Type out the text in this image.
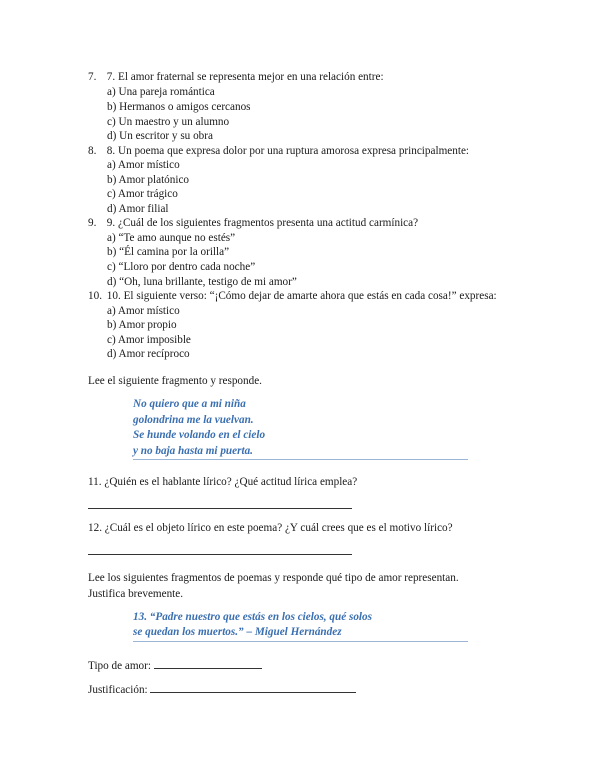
7. 7. El amor fraternal se representa mejor en una relación entre:
a) Una pareja romántica
b) Hermanos o amigos cercanos
c) Un maestro y un alumno
d) Un escritor y su obra
8. 8. Un poema que expresa dolor por una ruptura amorosa expresa principalmente:
a) Amor místico
b) Amor platónico
c) Amor trágico
d) Amor filial
9. 9. ¿Cuál de los siguientes fragmentos presenta una actitud carmínica?
a) “Te amo aunque no estés”
b) “Él camina por la orilla”
c) “Lloro por dentro cada noche”
d) “Oh, luna brillante, testigo de mi amor”
10. 10. El siguiente verso: “¡Cómo dejar de amarte ahora que estás en cada cosa!” expresa:
a) Amor místico
b) Amor propio
c) Amor imposible
d) Amor recíproco
Lee el siguiente fragmento y responde.
No quiero que a mi niña
golondrina me la vuelvan.
Se hunde volando en el cielo
y no baja hasta mi puerta.
11. ¿Quién es el hablante lírico? ¿Qué actitud lírica emplea?
12. ¿Cuál es el objeto lírico en este poema? ¿Y cuál crees que es el motivo lírico?
Lee los siguientes fragmentos de poemas y responde qué tipo de amor representan. Justifica brevemente.
13. “Padre nuestro que estás en los cielos, qué solos
se quedan los muertos.” – Miguel Hernández
Tipo de amor:
Justificación:
